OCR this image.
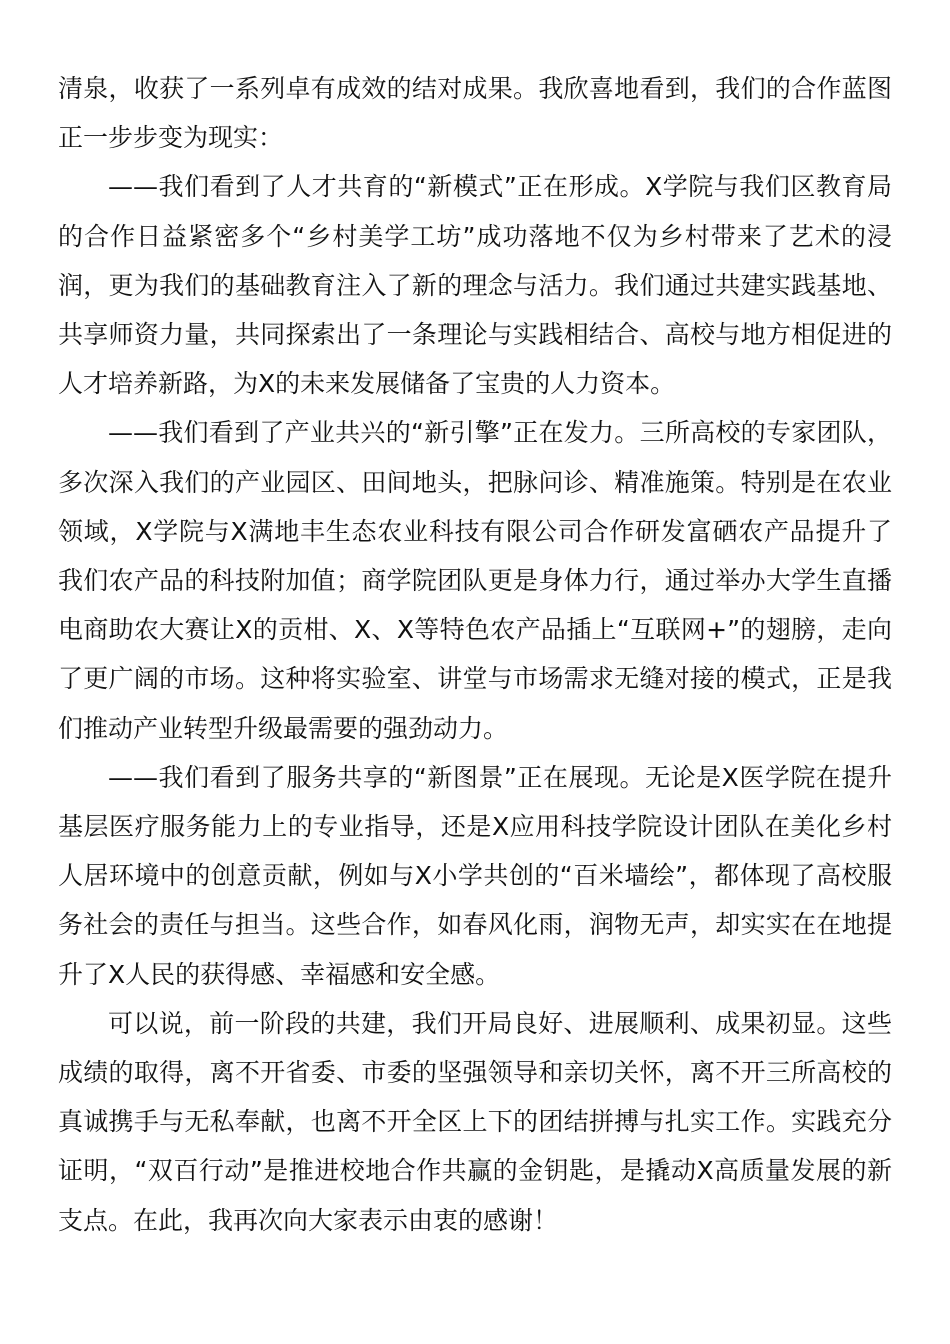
清泉，收获了一系列卓有成效的结对成果。我欣喜地看到，我们的合作蓝图正一步步变为现实：

——我们看到了人才共育的“新模式”正在形成。X学院与我们区教育局的合作日益紧密多个“乡村美学工坊”成功落地不仅为乡村带来了艺术的浸润，更为我们的基础教育注入了新的理念与活力。我们通过共建实践基地、共享师资力量，共同探索出了一条理论与实践相结合、高校与地方相促进的人才培养新路，为X的未来发展储备了宝贵的人力资本。

——我们看到了产业共兴的“新引擎”正在发力。三所高校的专家团队，多次深入我们的产业园区、田间地头，把脉问诊、精准施策。特别是在农业领域，X学院与X满地丰生态农业科技有限公司合作研发富硒农产品提升了我们农产品的科技附加值；商学院团队更是身体力行，通过举办大学生直播电商助农大赛让X的贡柑、X、X等特色农产品插上“互联网+”的翅膀，走向了更广阔的市场。这种将实验室、讲堂与市场需求无缝对接的模式，正是我们推动产业转型升级最需要的强劲动力。

——我们看到了服务共享的“新图景”正在展现。无论是X医学院在提升基层医疗服务能力上的专业指导，还是X应用科技学院设计团队在美化乡村人居环境中的创意贡献，例如与X小学共创的“百米墙绘”，都体现了高校服务社会的责任与担当。这些合作，如春风化雨，润物无声，却实实在在地提升了X人民的获得感、幸福感和安全感。

可以说，前一阶段的共建，我们开局良好、进展顺利、成果初显。这些成绩的取得，离不开省委、市委的坚强领导和亲切关怀，离不开三所高校的真诚携手与无私奉献，也离不开全区上下的团结拼搏与扎实工作。实践充分证明，“双百行动”是推进校地合作共赢的金钥匙，是撬动X高质量发展的新支点。在此，我再次向大家表示由衷的感谢！
